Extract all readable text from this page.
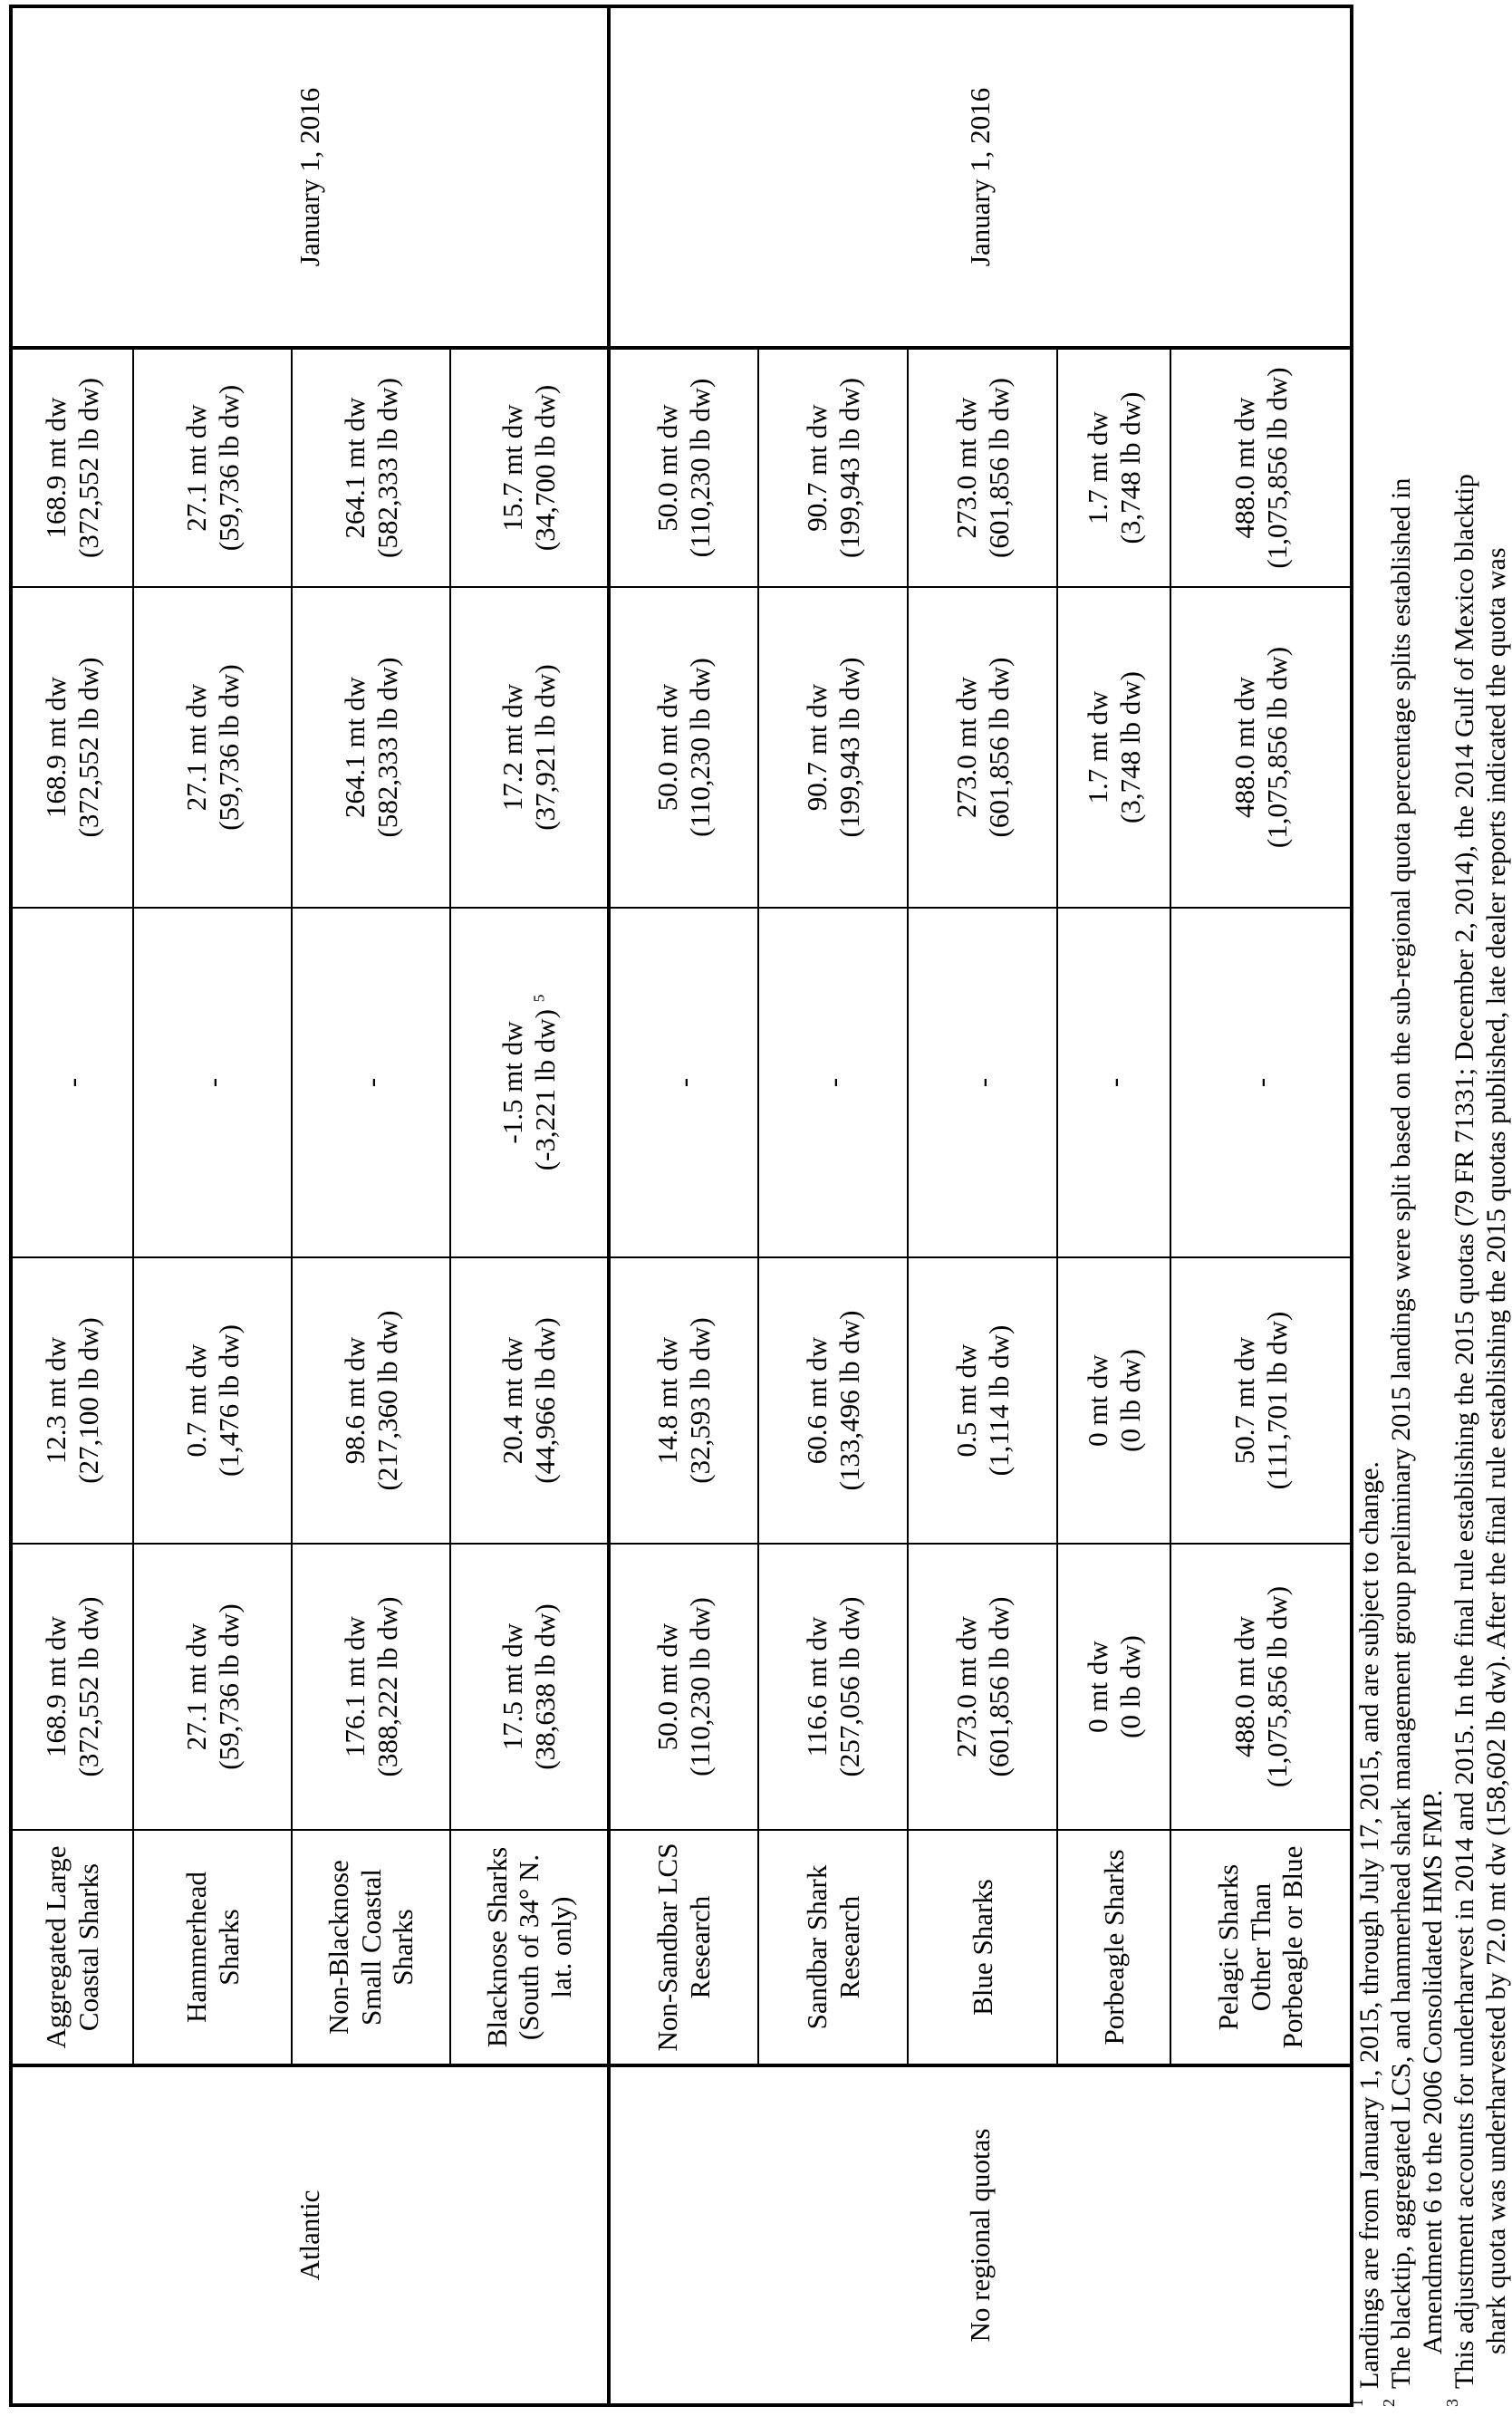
Atlantic	Aggregated Large Coastal Sharks	168.9 mt dw (372,552 lb dw)	12.3 mt dw (27,100 lb dw)	-	168.9 mt dw (372,552 lb dw)	168.9 mt dw (372,552 lb dw)	January 1, 2016
	Hammerhead Sharks	27.1 mt dw (59,736 lb dw)	0.7 mt dw (1,476 lb dw)	-	27.1 mt dw (59,736 lb dw)	27.1 mt dw (59,736 lb dw)	

	Non-Blacknose Small Coastal Sharks	176.1 mt dw (388,222 lb dw)	98.6 mt dw (217,360 lb dw)	-	264.1 mt dw (582,333 lb dw)	264.1 mt dw (582,333 lb dw)	

	Blacknose Sharks (South of 34° N. lat. only)	17.5 mt dw (38,638 lb dw)	20.4 mt dw (44,966 lb dw)	-1.5 mt dw (-3,221 lb dw) $^5$	17.2 mt dw (37,921 lb dw)	15.7 mt dw (34,700 lb dw)	

No regional quotas	Non-Sandbar LCS Research	50.0 mt dw (110,230 lb dw)	14.8 mt dw (32,593 lb dw)	-	50.0 mt dw (110,230 lb dw)	50.0 mt dw (110,230 lb dw)	January 1, 2016
	Sandbar Shark Research	116.6 mt dw (257,056 lb dw)	60.6 mt dw (133,496 lb dw)	-	90.7 mt dw (199,943 lb dw)	90.7 mt dw (199,943 lb dw)	

	Blue Sharks	273.0 mt dw (601,856 lb dw)	0.5 mt dw (1,114 lb dw)	-	273.0 mt dw (601,856 lb dw)	273.0 mt dw (601,856 lb dw)	

	Porbeagle Sharks	0 mt dw (0 lb dw)	0 mt dw (0 lb dw)	-	1.7 mt dw (3,748 lb dw)	1.7 mt dw (3,748 lb dw)	

	Pelagic Sharks Other Than Porbeagle or Blue	488.0 mt dw (1,075,856 lb dw)	50.7 mt dw (111,701 lb dw)	-	488.0 mt dw (1,075,856 lb dw)	488.0 mt dw (1,075,856 lb dw)	
1
Landings are from January 1, 2015, through July 17, 2015, and are subject to change.
2
The blacktip, aggregated LCS, and hammerhead shark management group preliminary 2015 landings were split based on the sub-regional quota percentage splits established in Amendment 6 to the 2006 Consolidated HMS FMP.
3
This adjustment accounts for underharvest in 2014 and 2015. In the final rule establishing the 2015 quotas (79 FR 71331; December 2, 2014), the 2014 Gulf of Mexico blacktip shark quota was underharvested by 72.0 mt dw (158,602 lb dw). After the final rule establishing the 2015 quotas published, late dealer reports indicated the quota was
